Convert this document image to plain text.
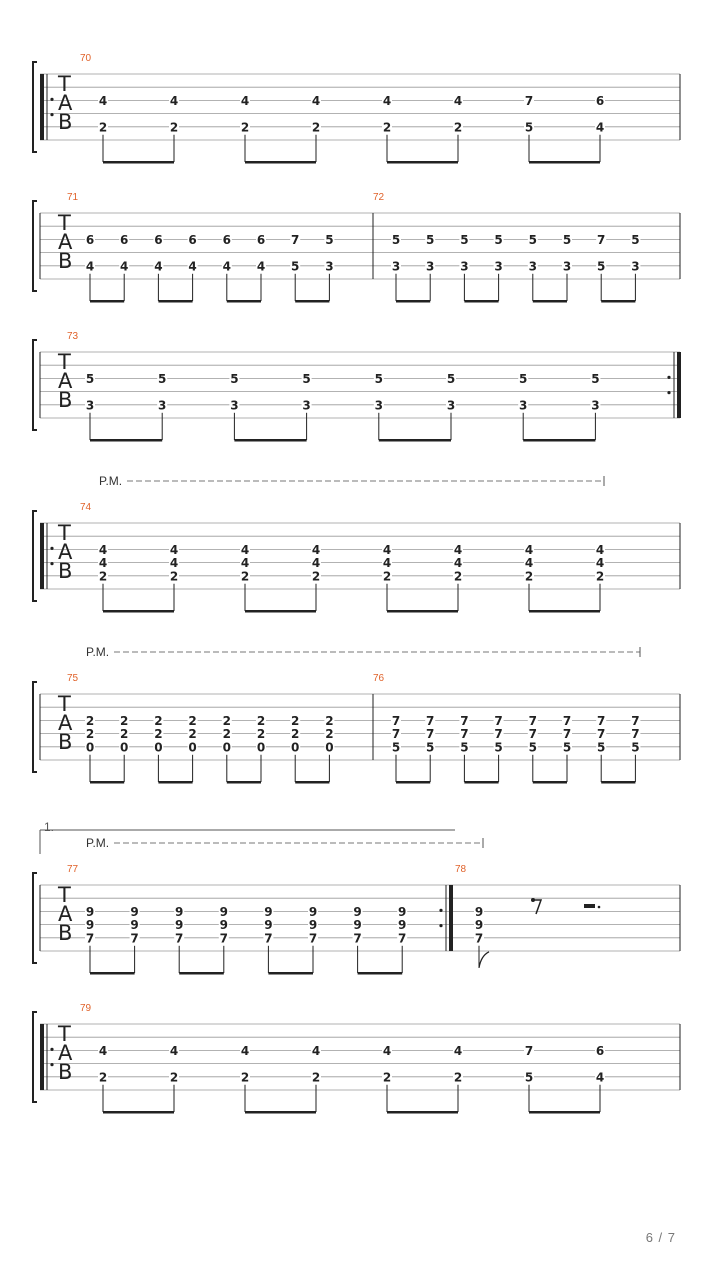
T
A
B
70
4
2
4
2
4
2
4
2
4
2
4
2
7
5
6
4
T
A
B
71
6
4
6
4
6
4
6
4
6
4
6
4
7
5
5
3
72
5
3
5
3
5
3
5
3
5
3
5
3
7
5
5
3
T
A
B
73
5
3
5
3
5
3
5
3
5
3
5
3
5
3
5
3
T
A
B
74
4
4
2
4
4
2
4
4
2
4
4
2
4
4
2
4
4
2
4
4
2
4
4
2
P.M.
T
A
B
75
2
2
0
2
2
0
2
2
0
2
2
0
2
2
0
2
2
0
2
2
0
2
2
0
76
7
7
5
7
7
5
7
7
5
7
7
5
7
7
5
7
7
5
7
7
5
7
7
5
P.M.
T
A
B
77
9
9
7
9
9
7
9
9
7
9
9
7
9
9
7
9
9
7
9
9
7
9
9
7
78
9
9
7
P.M.
1.
T
A
B
79
4
2
4
2
4
2
4
2
4
2
4
2
7
5
6
4
6 / 7
